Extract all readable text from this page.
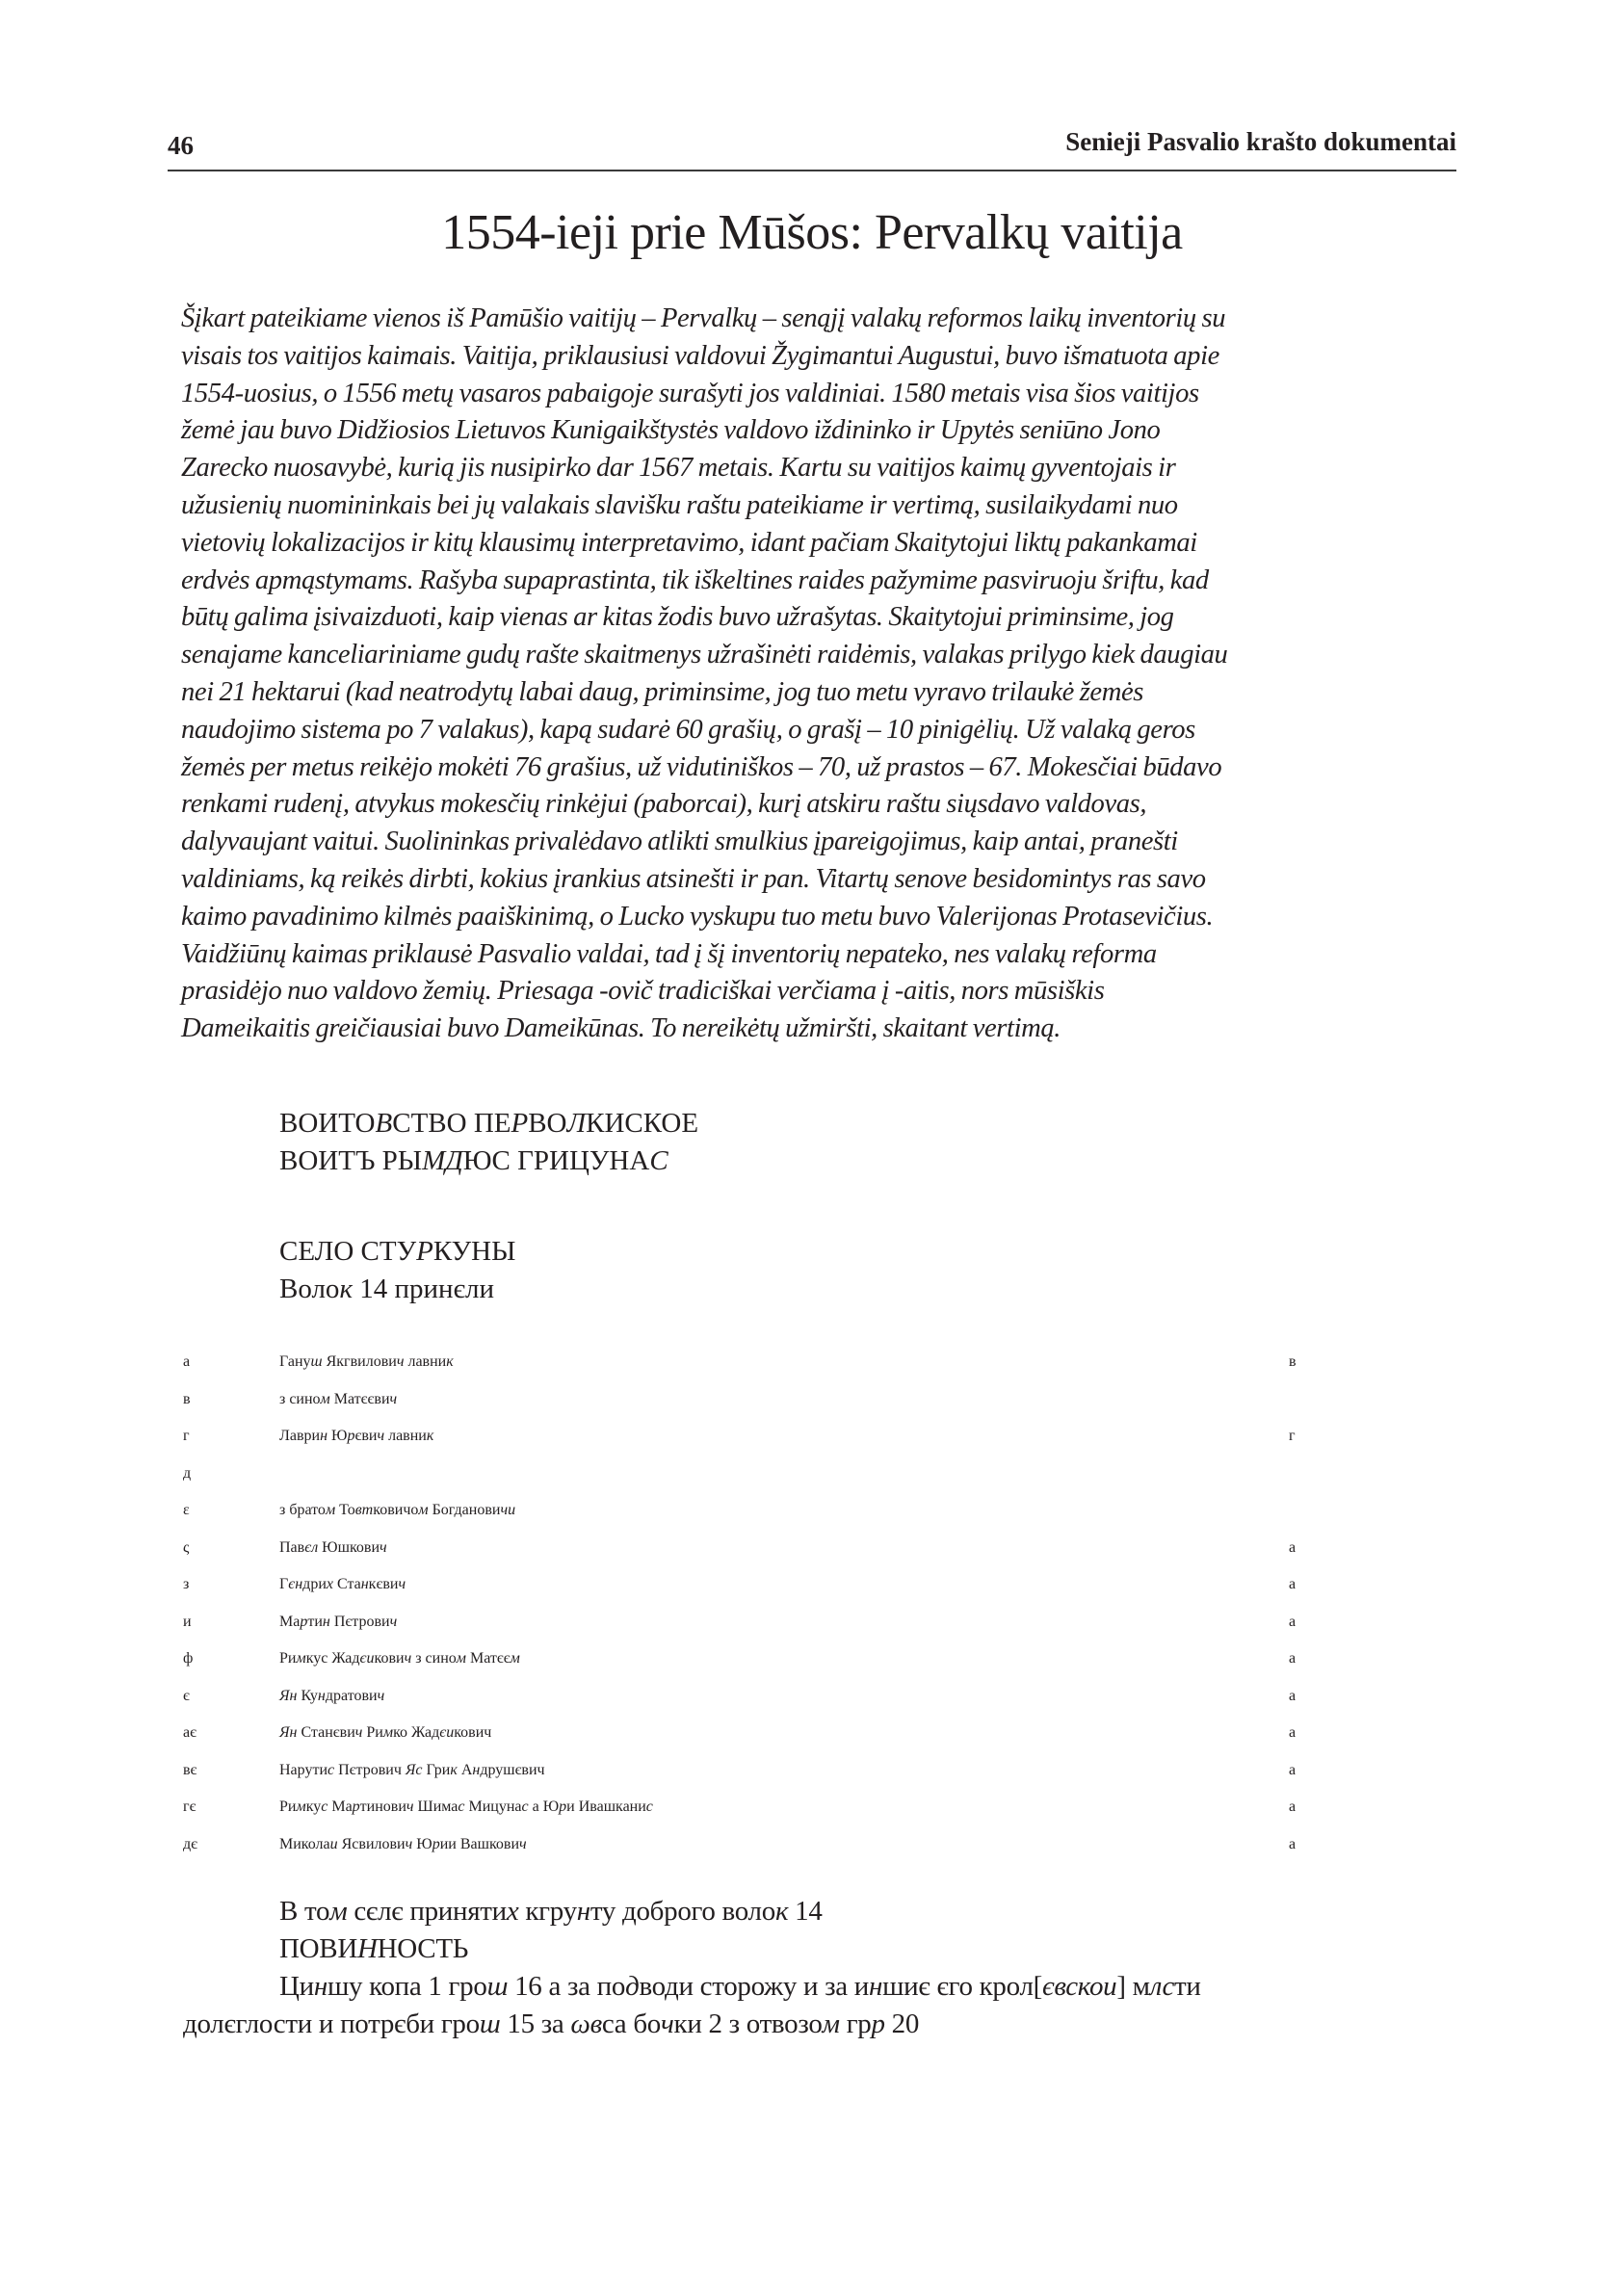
46	Senieji Pasvalio krašto dokumentai
1554-ieji prie Mūšos: Pervalkų vaitija
Šįkart pateikiame vienos iš Pamūšio vaitijų – Pervalkų – senąjį valakų reformos laikų inventorių su
visais tos vaitijos kaimais. Vaitija, priklausiusi valdovui Žygimantui Augustui, buvo išmatuota apie
1554-uosius, o 1556 metų vasaros pabaigoje surašyti jos valdiniai. 1580 metais visa šios vaitijos
žemė jau buvo Didžiosios Lietuvos Kunigaikštystės valdovo iždininko ir Upytės seniūno Jono
Zarecko nuosavybė, kurią jis nusipirko dar 1567 metais. Kartu su vaitijos kaimų gyventojais ir
užusienių nuomininkais bei jų valakais slavišku raštu pateikiame ir vertimą, susilaikydami nuo
vietovių lokalizacijos ir kitų klausimų interpretavimo, idant pačiam Skaitytojui liktų pakankamai
erdvės apmąstymams. Rašyba supaprastinta, tik iškeltines raides pažymime pasviruoju šriftu, kad
būtų galima įsivaizduoti, kaip vienas ar kitas žodis buvo užrašytas. Skaitytojui priminsime, jog
senajame kanceliariniame gudų rašte skaitmenys užrašinėti raidėmis, valakas prilygo kiek daugiau
nei 21 hektarui (kad neatrodytų labai daug, priminsime, jog tuo metu vyravo trilaukė žemės
naudojimo sistema po 7 valakus), kapą sudarė 60 grašių, o grašį – 10 pinigėlių. Už valaką geros
žemės per metus reikėjo mokėti 76 grašius, už vidutiniškos – 70, už prastos – 67. Mokesčiai būdavo
renkami rudenį, atvykus mokesčių rinkėjui (paborcai), kurį atskiru raštu siųsdavo valdovas,
dalyvaujant vaitui. Suolininkas privalėdavo atlikti smulkius įpareigojimus, kaip antai, pranešti
valdiniams, ką reikės dirbti, kokius įrankius atsinešti ir pan. Vitartų senove besidomintys ras savo
kaimo pavadinimo kilmės paaiškinimą, o Lucko vyskupu tuo metu buvo Valerijonas Protasevičius.
Vaidžiūnų kaimas priklausė Pasvalio valdai, tad į šį inventorių nepateko, nes valakų reforma
prasidėjo nuo valdovo žemių. Priesaga -ovič tradiciškai verčiama į -aitis, nors mūsiškis
Dameikaitis greičiausiai buvo Dameikūnas. To nereikėtų užmiršti, skaitant vertimą.
ВОИТОВСТВО ПЕРВОЛКИСКОЕ
ВОИТЪ РЫМДЮС ГРИЦУНАС
СЕЛО СТУРКУНЫ
Волок 14 принєли
а	Гануш Якгвилович лавник	в
в	з сином Матєєвич
г	Лаврин Юрєвич лавник	г
д
ε	з братом Товтковичом Богдановичи
ς	Павєл Юшкович	а
з	Гєндрих Станкєвич	а
и	Мартин Пєтрович	а
ф	Римкуc Жадєикович з сином Матєєм	а
є	Ян Кундратович	а
ає	Ян Станєвич Римко Жадєикович	а
вє	Нарутис Пєтрович Яс Грик Андрушєвич	а
гє	Римкус Мартинович Шимас Мицунас а Юри Ивашканис	а
дє	Миколаи Ясвилович Юрии Вашкович	а
В том сєлє принятих кгрунту доброго волок 14
ПОВИННОСТЬ
Циншу копа 1 грош 16 а за подводи сторожу и за иншиє єго крол[євскои] млсти
долєглости и потрєби грош 15 за ωвса бочки 2 з отвозом грр 20
